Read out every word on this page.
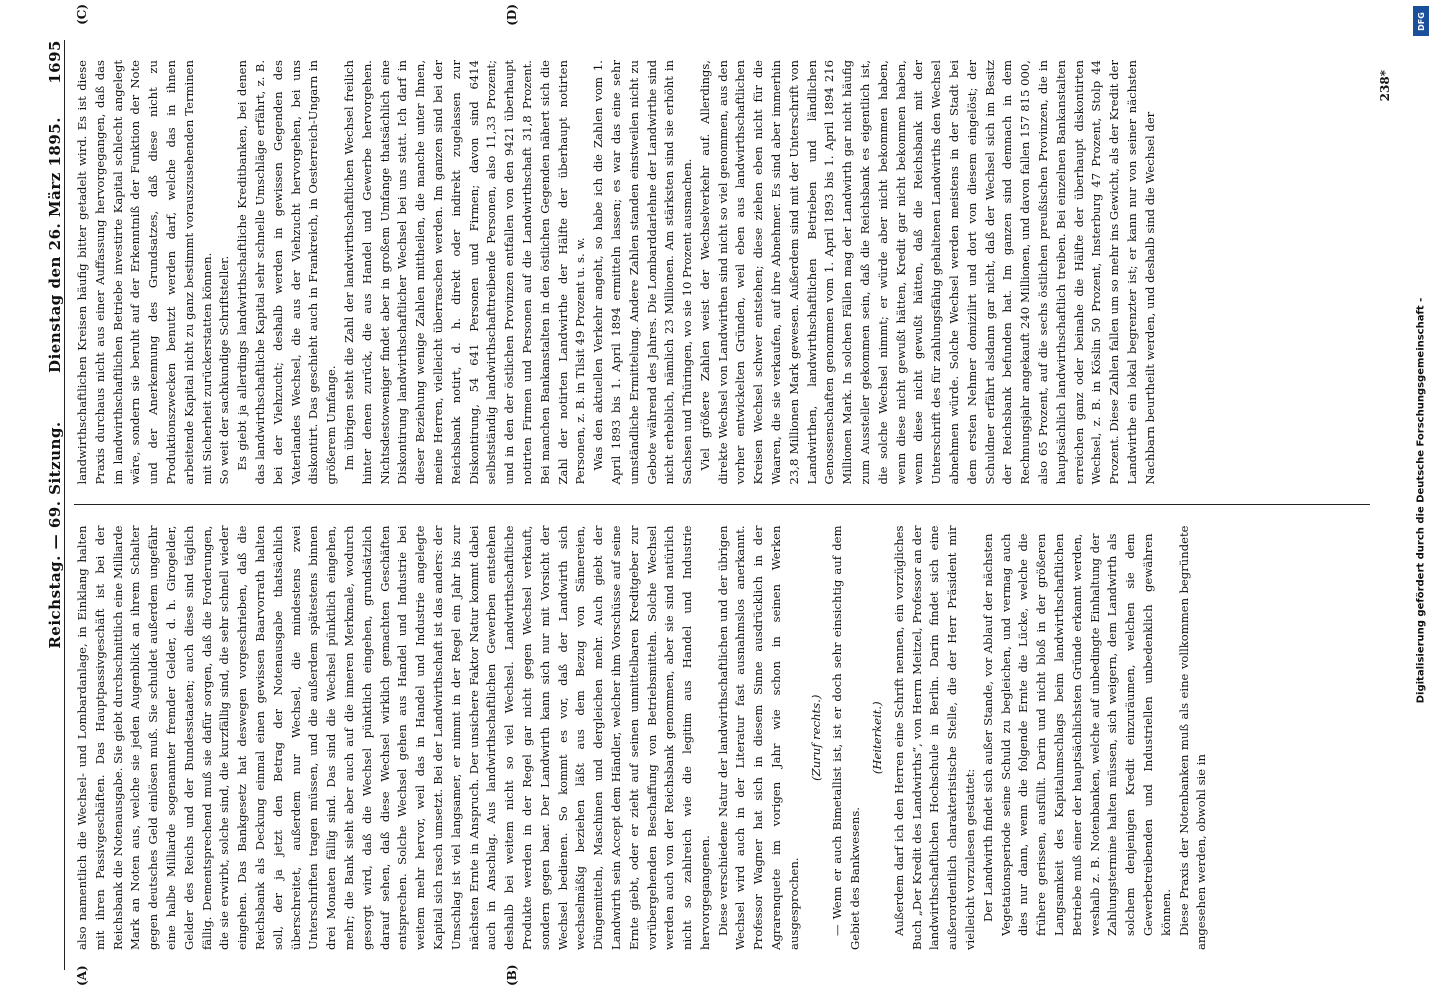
Reichstag. — 69. Sitzung.
Dienstag den 26. März 1895.
1695
(A)	(B)

also namentlich die Wechsel- und Lombardanlage, in Einklang halten mit ihren Passivgeschäften. Das Hauptpassivgeschäft ist bei der Reichsbank die Notenausgabe. Sie giebt durchschnittlich eine Milliarde Mark an Noten aus, welche sie jeden Augenblick an ihrem Schalter gegen deutsches Geld einlösen muß. Sie schuldet außerdem ungefähr eine halbe Milliarde sogenannter fremder Gelder, d. h. Girogelder, Gelder des Reichs und der Bundesstaaten; auch diese sind täglich fällig. Dementsprechend muß sie dafür sorgen, daß die Forderungen, die sie erwirbt, solche sind, die kurzfällig sind, die sehr schnell wieder eingehen. Das Bankgesetz hat deswegen vorgeschrieben, daß die Reichsbank als Deckung einmal einen gewissen Baarvorrath halten soll, der ja jetzt den Betrag der Notenausgabe thatsächlich überschreitet, außerdem nur Wechsel, die mindestens zwei Unterschriften tragen müssen, und die außerdem spätestens binnen drei Monaten fällig sind. Das sind die Wechsel pünktlich eingehen, mehr; die Bank sieht aber auch auf die inneren Merkmale, wodurch gesorgt wird, daß die Wechsel pünktlich eingehen, grundsätzlich darauf sehen, daß diese Wechsel wirklich gemachten Geschäften entsprechen. Solche Wechsel gehen aus Handel und Industrie bei weitem mehr hervor, weil das in Handel und Industrie angelegte Kapital sich rasch umsetzt. Bei der Landwirthschaft ist das anders: der Umschlag ist viel langsamer, er nimmt in der Regel ein Jahr bis zur nächsten Ernte in Anspruch. Der unsichere Faktor Natur kommt dabei auch in Anschlag. Aus landwirthschaftlichen Gewerben entstehen deshalb bei weitem nicht so viel Wechsel. Landwirthschaftliche Produkte werden in der Regel gar nicht gegen Wechsel verkauft, sondern gegen baar. Der Landwirth kann sich nur mit Vorsicht der Wechsel bedienen. So kommt es vor, daß der Landwirth sich wechselmäßig beziehen läßt aus dem Bezug von Sämereien, Düngemitteln, Maschinen und dergleichen mehr. Auch giebt der Landwirth sein Accept dem Händler, welcher ihm Vorschüsse auf seine Ernte giebt, oder er zieht auf seinen unmittelbaren Kreditgeber zur vorübergehenden Beschaffung von Betriebsmitteln. Solche Wechsel werden auch von der Reichsbank genommen, aber sie sind natürlich nicht so zahlreich wie die legitim aus Handel und Industrie hervorgegangenen. Diese verschiedene Natur der landwirthschaftlichen und der übrigen Wechsel wird auch in der Literatur fast ausnahmslos anerkannt. Professor Wagner hat sich in diesem Sinne ausdrücklich in der Agrarenquete im vorigen Jahr wie schon in seinen Werken ausgesprochen.

(Zuruf rechts.) — Wenn er auch Bimetallist ist, ist er doch sehr einsichtig auf dem Gebiet des Bankwesens.

(Heiterkeit.) Außerdem darf ich den Herren eine Schrift nennen, ein vorzügliches Buch „Der Kredit des Landwirths“, von Herrn Meitzel, Professor an der landwirthschaftlichen Hochschule in Berlin. Darin findet sich eine außerordentlich charakteristische Stelle, die der Herr Präsident mir vielleicht vorzulesen gestattet: Der Landwirth findet sich außer Stande, vor Ablauf der nächsten Vegetationsperiode seine Schuld zu begleichen, und vermag auch dies nur dann, wenn die folgende Ernte die Lücke, welche die frühere gerissen, ausfüllt. Darin und nicht bloß in der größeren Langsamkeit des Kapitalumschlags beim landwirthschaftlichen Betriebe muß einer der hauptsächlichsten Gründe erkannt werden, weshalb z. B. Notenbanken, welche auf unbedingte Einhaltung der Zahlungstermine halten müssen, sich weigern, dem Landwirth als solchem denjenigen Kredit einzuräumen, welchen sie dem Gewerbetreibenden und Industriellen unbedenklich gewähren können. Diese Praxis der Notenbanken muß als eine vollkommen begründete angesehen werden, obwohl sie in

(C)	(D)

landwirthschaftlichen Kreisen häufig bitter getadelt wird. Es ist diese Praxis durchaus nicht aus einer Auffassung hervorgegangen, daß das im landwirthschaftlichen Betriebe investirte Kapital schlecht angelegt wäre, sondern sie beruht auf der Erkenntniß der Funktion der Note und der Anerkennung des Grundsatzes, daß diese nicht zu Produktionszwecken benutzt werden darf, welche das in ihnen arbeitende Kapital nicht zu ganz bestimmt vorauszusehenden Terminen mit Sicherheit zurückerstatten können. So weit der sachkundige Schriftsteller. Es giebt ja allerdings landwirthschaftliche Kreditbanken, bei denen das landwirthschaftliche Kapital sehr schnelle Umschläge erfährt, z. B. bei der Viehzucht; deshalb werden in gewissen Gegenden des Vaterlandes Wechsel, die aus der Viehzucht hervorgehen, bei uns diskontirt. Das geschieht auch in Frankreich, in Oesterreich-Ungarn in größerem Umfange. Im übrigen steht die Zahl der landwirthschaftlichen Wechsel freilich hinter denen zurück, die aus Handel und Gewerbe hervorgehen. Nichtsdestoweniger findet aber in großem Umfange thatsächlich eine Diskontirung landwirthschaftlicher Wechsel bei uns statt. Ich darf in dieser Beziehung wenige Zahlen mittheilen, die manche unter Ihnen, meine Herren, vielleicht überraschen werden. Im ganzen sind bei der Reichsbank notirt, d. h. direkt oder indirekt zugelassen zur Diskontirung, 54 641 Personen und Firmen; davon sind 6414 selbstständig landwirthschafttreibende Personen, also 11,33 Prozent; und in den der östlichen Provinzen entfallen von den 9421 überhaupt notirten Firmen und Personen auf die Landwirthschaft 31,8 Prozent. Bei manchen Bankanstalten in den östlichen Gegenden nähert sich die Zahl der notirten Landwirthe der Hälfte der überhaupt notirten Personen, z. B. in Tilsit 49 Prozent u. s. w. Was den aktuellen Verkehr angeht, so habe ich die Zahlen vom 1. April 1893 bis 1. April 1894 ermitteln lassen; es war das eine sehr umständliche Ermittelung. Andere Zahlen standen einstweilen nicht zu Gebote während des Jahres. Die Lombarddarlehne der Landwirthe sind nicht erheblich, nämlich 23 Millionen. Am stärksten sind sie erhöht in Sachsen und Thüringen, wo sie 10 Prozent ausmachen. Viel größere Zahlen weist der Wechselverkehr auf. Allerdings, direkte Wechsel von Landwirthen sind nicht so viel genommen, aus den vorher entwickelten Gründen, weil eben aus landwirthschaftlichen Kreisen Wechsel schwer entstehen; diese ziehen eben nicht für die Waaren, die sie verkaufen, auf ihre Abnehmer. Es sind aber immerhin 23,8 Millionen Mark gewesen. Außerdem sind mit der Unterschrift von Landwirthen, landwirthschaftlichen Betrieben und ländlichen Genossenschaften genommen vom 1. April 1893 bis 1. April 1894 216 Millionen Mark. In solchen Fällen mag der Landwirth gar nicht häufig zum Aussteller gekommen sein, daß die Reichsbank es eigentlich ist, die solche Wechsel nimmt; er würde aber nicht bekommen haben, wenn diese nicht gewußt hätten, Kredit gar nicht bekommen haben, wenn diese nicht gewußt hätten, daß die Reichsbank mit der Unterschrift des für zahlungsfähig gehaltenen Landwirths den Wechsel abnehmen würde. Solche Wechsel werden meistens in der Stadt bei dem ersten Nehmer domizilirt und dort von diesem eingelöst; der Schuldner erfährt alsdann gar nicht, daß der Wechsel sich im Besitz der Reichsbank befunden hat. Im ganzen sind demnach in dem Rechnungsjahr angekauft 240 Millionen, und davon fallen 157 815 000, also 65 Prozent, auf die sechs östlichen preußischen Provinzen, die in hauptsächlich landwirthschaftlich treiben. Bei einzelnen Bankanstalten erreichen ganz oder beinahe die Hälfte der überhaupt diskontirten Wechsel, z. B. in Köslin 50 Prozent, Insterburg 47 Prozent, Stolp 44 Prozent. Diese Zahlen fallen um so mehr ins Gewicht, als der Kredit der Landwirthe ein lokal begrenzter ist; er kann nur von seiner nächsten Nachbarn beurtheilt werden, und deshalb sind die Wechsel der

238*
Digitalisierung gefördert durch die Deutsche Forschungsgemeinschaft -
DFG
